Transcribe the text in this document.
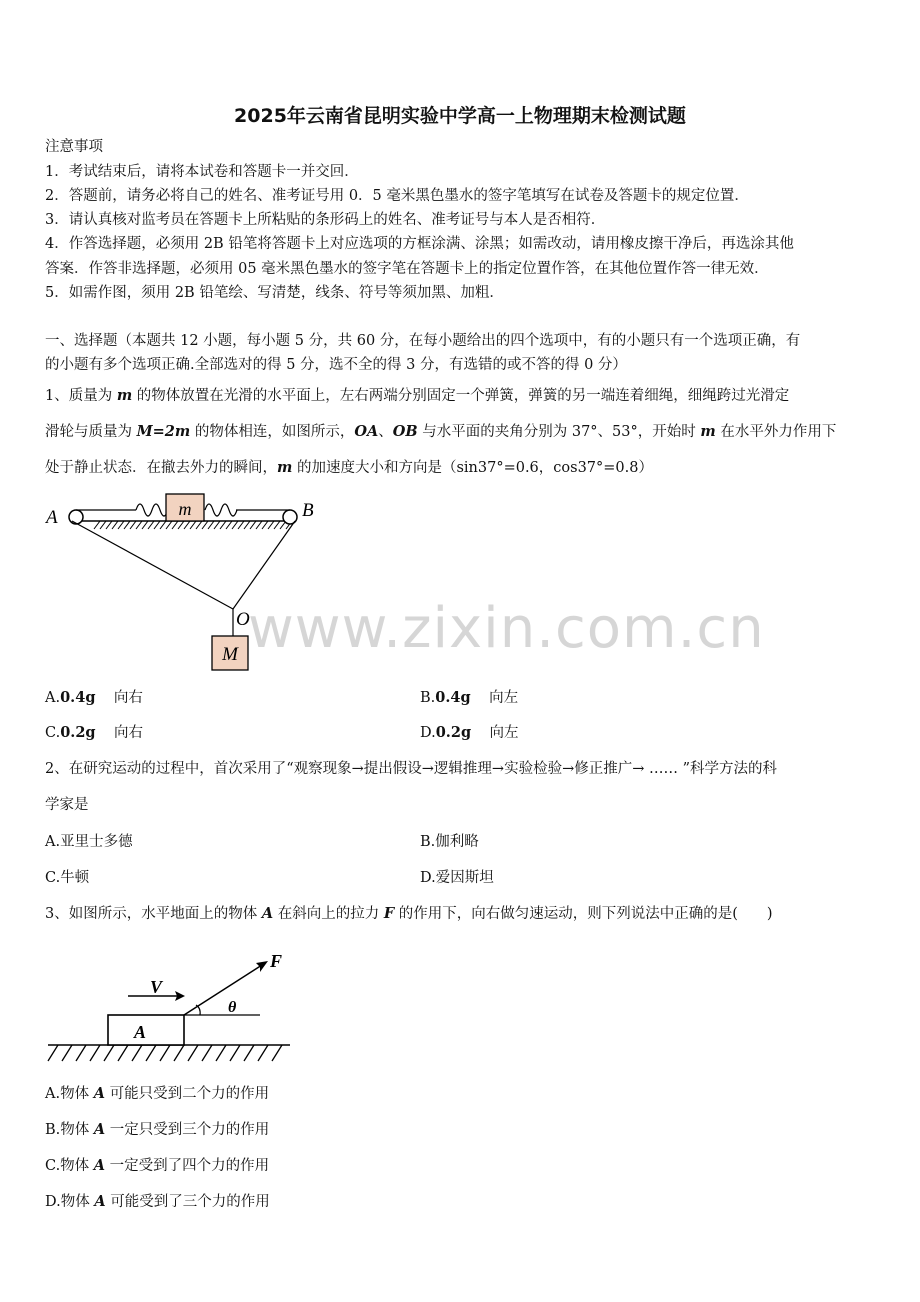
www.zixin.com.cn
2025年云南省昆明实验中学高一上物理期末检测试题
注意事项
1．考试结束后，请将本试卷和答题卡一并交回．
2．答题前，请务必将自己的姓名、准考证号用 0．5 毫米黑色墨水的签字笔填写在试卷及答题卡的规定位置．
3．请认真核对监考员在答题卡上所粘贴的条形码上的姓名、准考证号与本人是否相符．
4．作答选择题，必须用 2B 铅笔将答题卡上对应选项的方框涂满、涂黑；如需改动，请用橡皮擦干净后，再选涂其他
答案．作答非选择题，必须用 05 毫米黑色墨水的签字笔在答题卡上的指定位置作答，在其他位置作答一律无效．
5．如需作图，须用 2B 铅笔绘、写清楚，线条、符号等须加黑、加粗．
一、选择题（本题共 12 小题，每小题 5 分，共 60 分，在每小题给出的四个选项中，有的小题只有一个选项正确，有
的小题有多个选项正确.全部选对的得 5 分，选不全的得 3 分，有选错的或不答的得 0 分）
1、质量为 m 的物体放置在光滑的水平面上，左右两端分别固定一个弹簧，弹簧的另一端连着细绳，细绳跨过光滑定
滑轮与质量为 M=2m 的物体相连，如图所示，OA、OB 与水平面的夹角分别为 37°、53°，开始时 m 在水平外力作用下
处于静止状态．在撤去外力的瞬间，m 的加速度大小和方向是（sin37°=0.6，cos37°=0.8）
m
M
A	B
O
A.0.4g 向右	B.0.4g 向左
C.0.2g 向右	D.0.2g 向左
2、在研究运动的过程中，首次采用了“观察现象→提出假设→逻辑推理→实验检验→修正推广→ …… ”科学方法的科
学家是
A.亚里士多德	B.伽利略
C.牛顿	D.爱因斯坦
3、如图所示，水平地面上的物体 A 在斜向上的拉力 F 的作用下，向右做匀速运动，则下列说法中正确的是(　　)
A
V
F
θ
A.物体 A 可能只受到二个力的作用
B.物体 A 一定只受到三个力的作用
C.物体 A 一定受到了四个力的作用
D.物体 A 可能受到了三个力的作用
